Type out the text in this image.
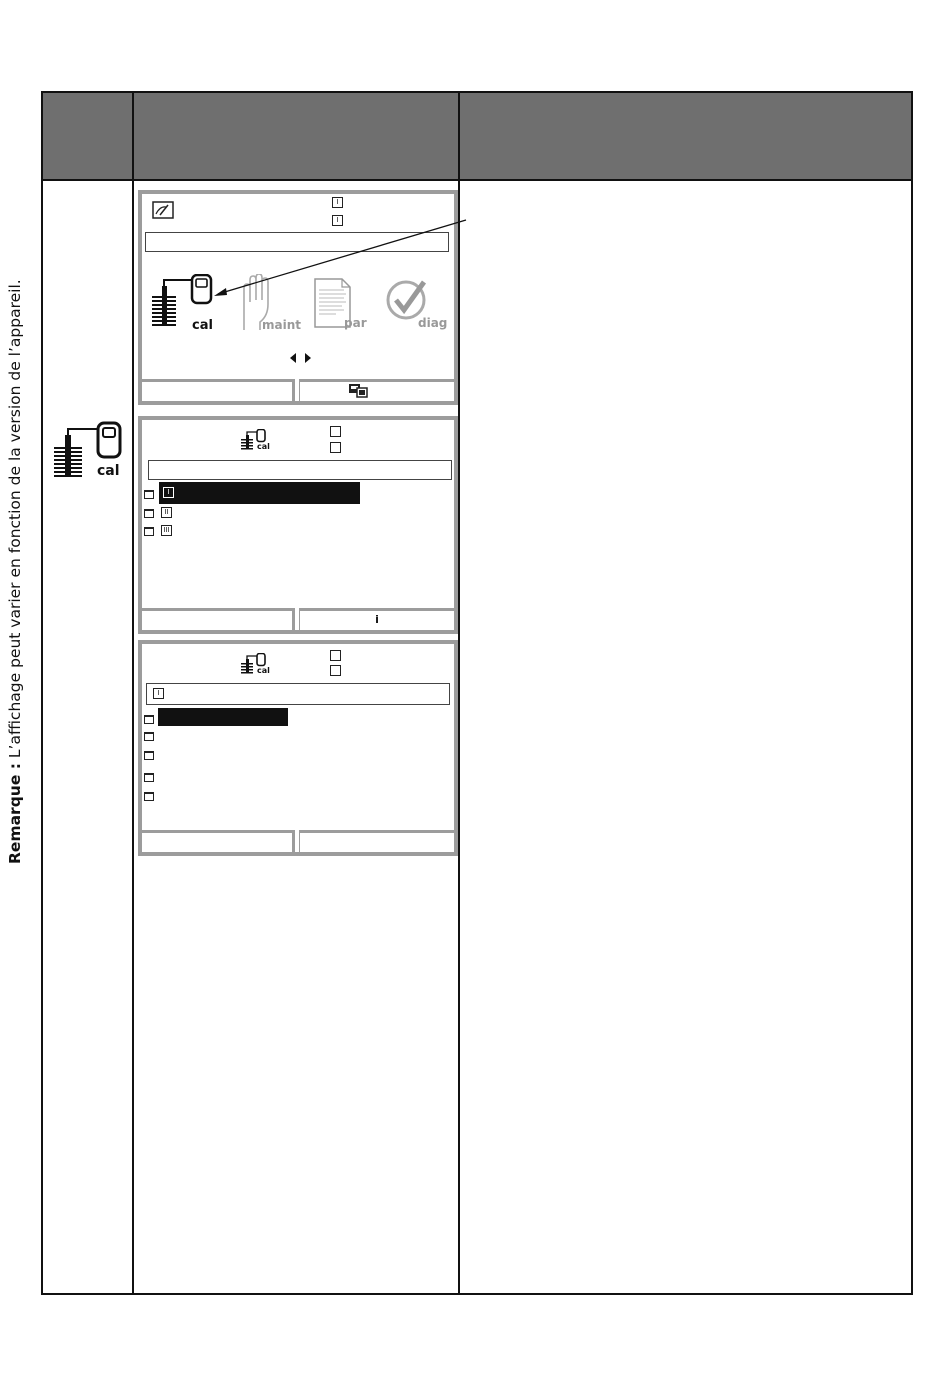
Remarque : L’affichage peut varier en fonction de la version de l’appareil.	cal
I
I
cal	maint	par	diag
cal
I
II
III
i
cal
I
